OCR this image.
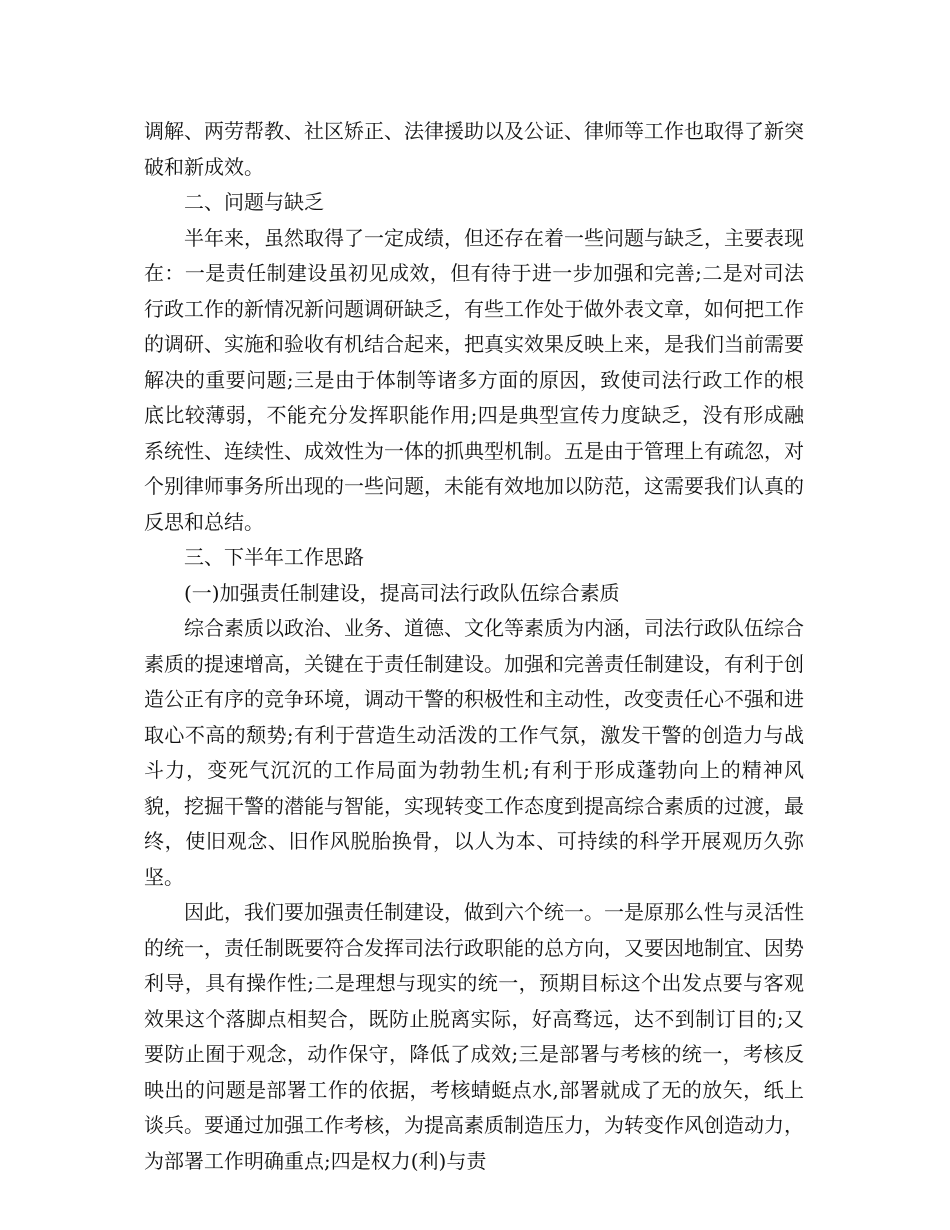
调解、两劳帮教、社区矫正、法律援助以及公证、律师等工作也取得了新突破和新成效。

二、问题与缺乏

半年来，虽然取得了一定成绩，但还存在着一些问题与缺乏，主要表现在：一是责任制建设虽初见成效，但有待于进一步加强和完善;二是对司法行政工作的新情况新问题调研缺乏，有些工作处于做外表文章，如何把工作的调研、实施和验收有机结合起来，把真实效果反映上来，是我们当前需要解决的重要问题;三是由于体制等诸多方面的原因，致使司法行政工作的根底比较薄弱，不能充分发挥职能作用;四是典型宣传力度缺乏，没有形成融系统性、连续性、成效性为一体的抓典型机制。五是由于管理上有疏忽，对个别律师事务所出现的一些问题，未能有效地加以防范，这需要我们认真的反思和总结。

三、下半年工作思路

(一)加强责任制建设，提高司法行政队伍综合素质

综合素质以政治、业务、道德、文化等素质为内涵，司法行政队伍综合素质的提速增高，关键在于责任制建设。加强和完善责任制建设，有利于创造公正有序的竞争环境，调动干警的积极性和主动性，改变责任心不强和进取心不高的颓势;有利于营造生动活泼的工作气氛，激发干警的创造力与战斗力，变死气沉沉的工作局面为勃勃生机;有利于形成蓬勃向上的精神风貌，挖掘干警的潜能与智能，实现转变工作态度到提高综合素质的过渡，最终，使旧观念、旧作风脱胎换骨，以人为本、可持续的科学开展观历久弥坚。

因此，我们要加强责任制建设，做到六个统一。一是原那么性与灵活性的统一，责任制既要符合发挥司法行政职能的总方向，又要因地制宜、因势利导，具有操作性;二是理想与现实的统一，预期目标这个出发点要与客观效果这个落脚点相契合，既防止脱离实际，好高骛远，达不到制订目的;又要防止囿于观念，动作保守，降低了成效;三是部署与考核的统一，考核反映出的问题是部署工作的依据，考核蜻蜓点水,部署就成了无的放矢，纸上谈兵。要通过加强工作考核，为提高素质制造压力，为转变作风创造动力，为部署工作明确重点;四是权力(利)与责
